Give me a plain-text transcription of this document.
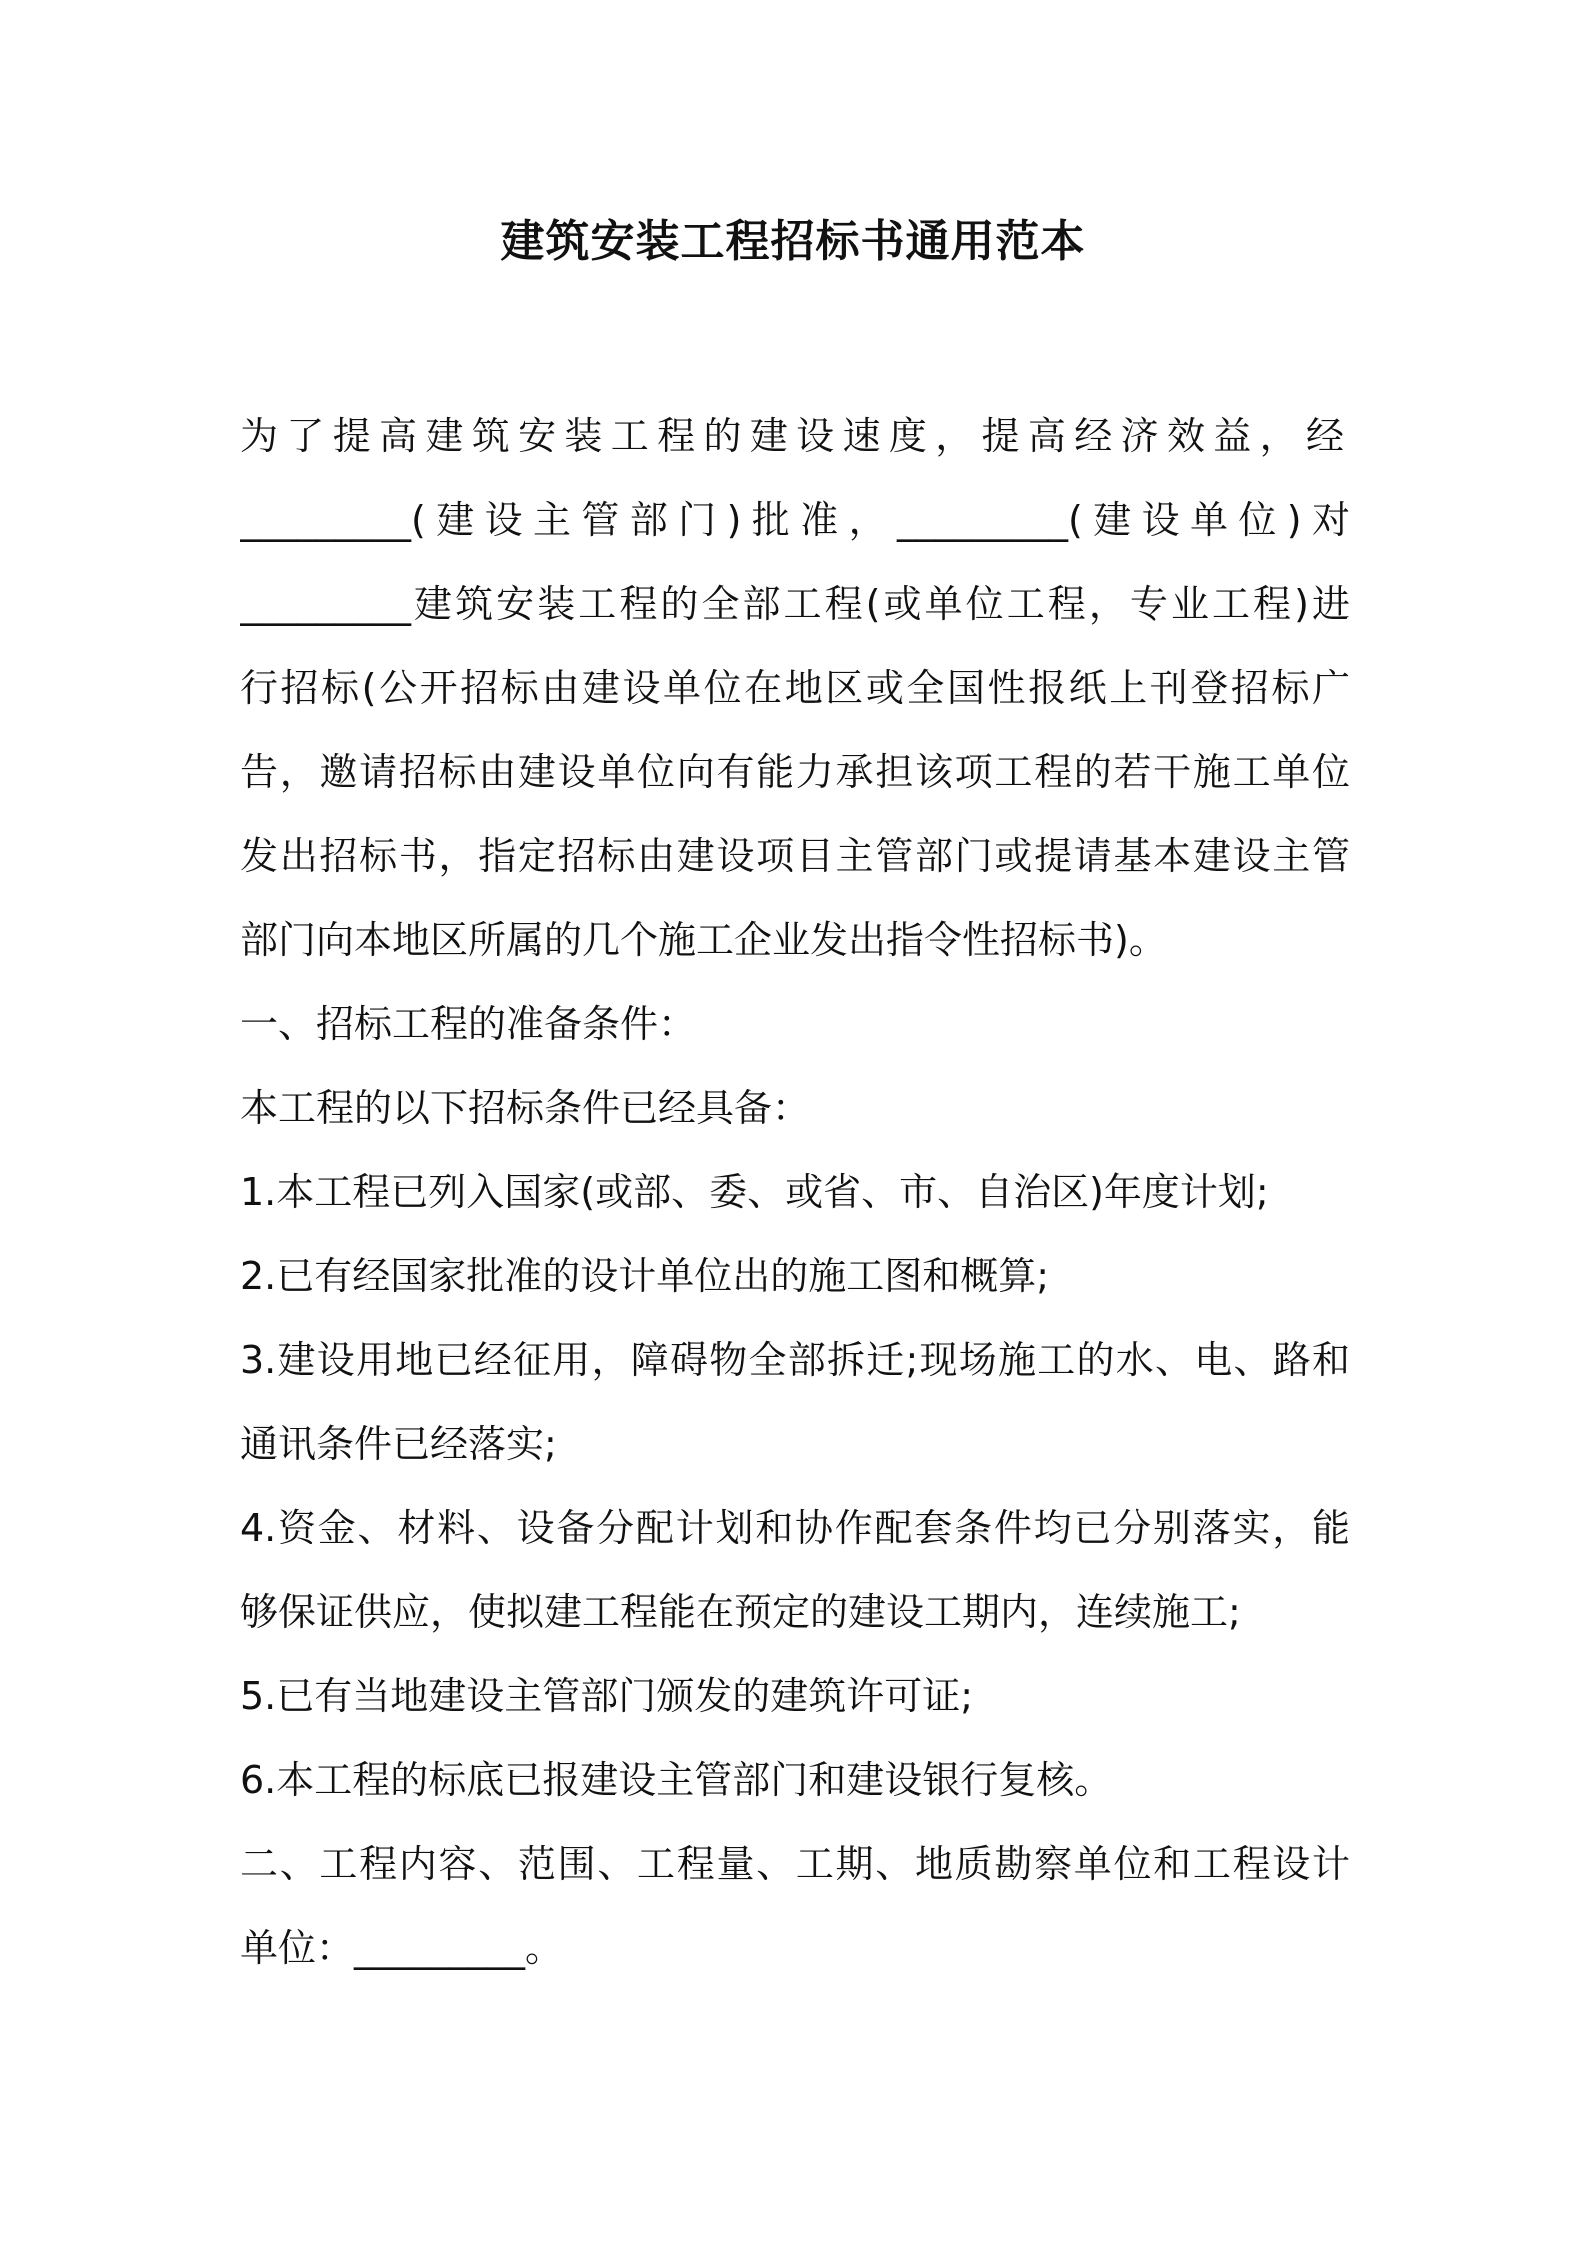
建筑安装工程招标书通用范本
为了提高建筑安装工程的建设速度，提高经济效益，经
_________(建设主管部门)批准，_________(建设单位)对
_________建筑安装工程的全部工程(或单位工程，专业工程)进
行招标(公开招标由建设单位在地区或全国性报纸上刊登招标广
告，邀请招标由建设单位向有能力承担该项工程的若干施工单位
发出招标书，指定招标由建设项目主管部门或提请基本建设主管
部门向本地区所属的几个施工企业发出指令性招标书)。
一、招标工程的准备条件：
本工程的以下招标条件已经具备：
1.本工程已列入国家(或部、委、或省、市、自治区)年度计划;
2.已有经国家批准的设计单位出的施工图和概算;
3.建设用地已经征用，障碍物全部拆迁;现场施工的水、电、路和
通讯条件已经落实;
4.资金、材料、设备分配计划和协作配套条件均已分别落实，能
够保证供应，使拟建工程能在预定的建设工期内，连续施工;
5.已有当地建设主管部门颁发的建筑许可证;
6.本工程的标底已报建设主管部门和建设银行复核。
二、工程内容、范围、工程量、工期、地质勘察单位和工程设计
单位：_________。
